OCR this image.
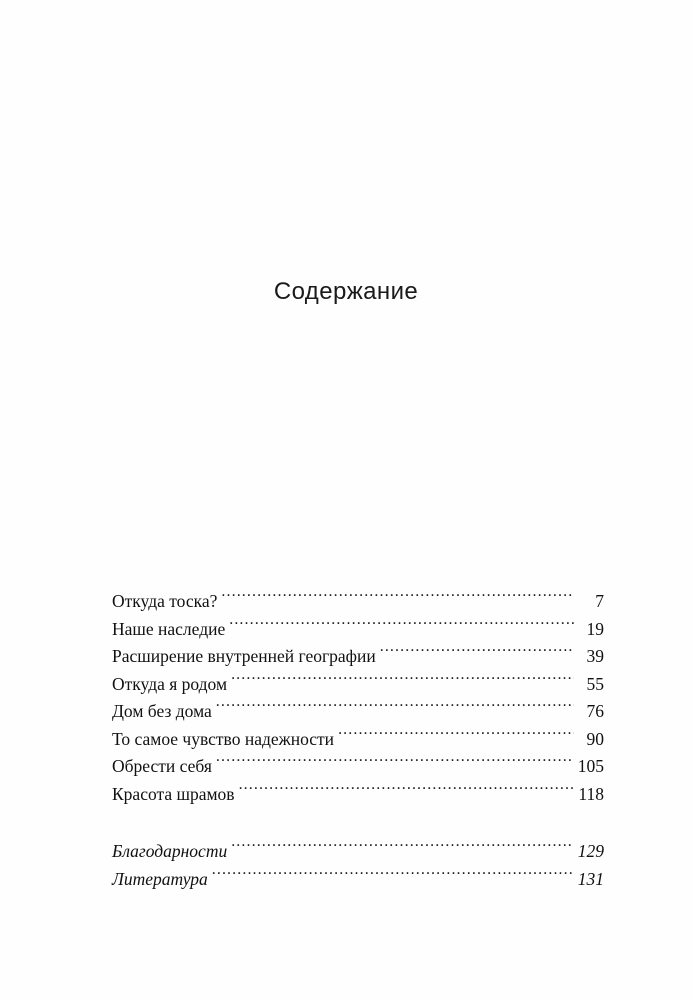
Содержание
Откуда тоска? .....	7
Наше наследие .....	19
Расширение внутренней географии .....	39
Откуда я родом .....	55
Дом без дома .....	76
То самое чувство надежности .....	90
Обрести себя .....	105
Красота шрамов .....	118
Благодарности .....	129
Литература .....	131
